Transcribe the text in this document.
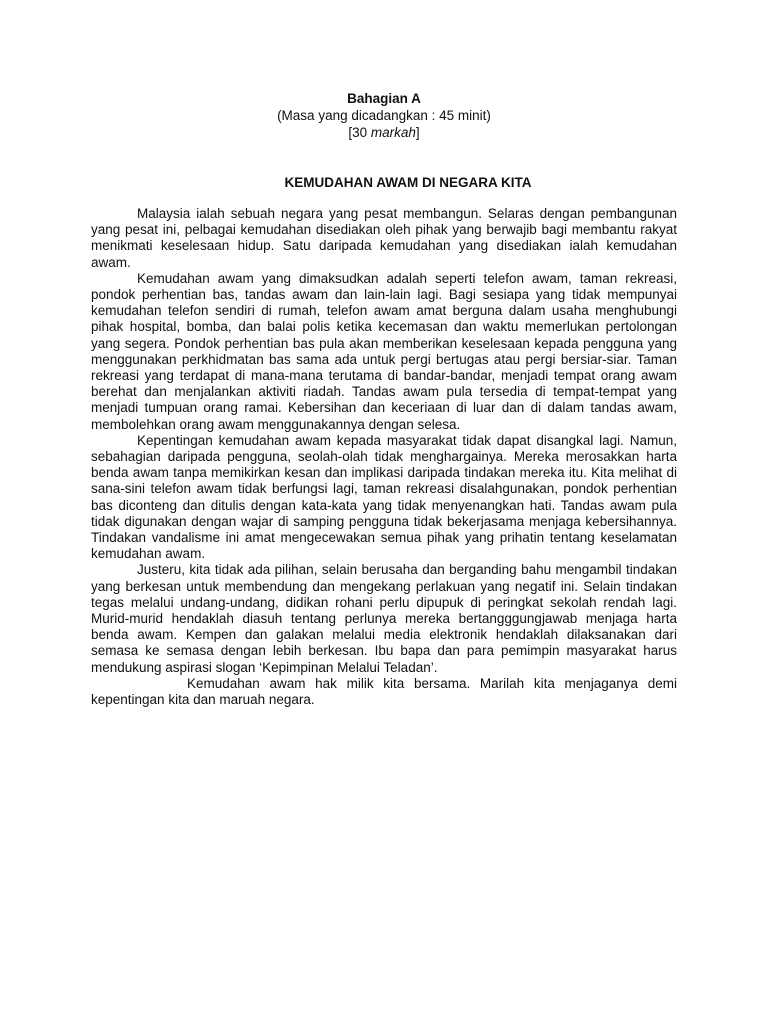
Bahagian A
(Masa yang dicadangkan : 45 minit)
[30 markah]
KEMUDAHAN AWAM DI NEGARA KITA

Malaysia ialah sebuah negara yang pesat membangun. Selaras dengan pembangunan yang pesat ini, pelbagai kemudahan disediakan oleh pihak yang berwajib bagi membantu rakyat menikmati keselesaan hidup. Satu daripada kemudahan yang disediakan ialah kemudahan awam.

Kemudahan awam yang dimaksudkan adalah seperti telefon awam, taman rekreasi, pondok perhentian bas, tandas awam dan lain-lain lagi. Bagi sesiapa yang tidak mempunyai kemudahan telefon sendiri di rumah, telefon awam amat berguna dalam usaha menghubungi pihak hospital, bomba, dan balai polis ketika kecemasan dan waktu memerlukan pertolongan yang segera. Pondok perhentian bas pula akan memberikan keselesaan kepada pengguna yang menggunakan perkhidmatan bas sama ada untuk pergi bertugas atau pergi bersiar-siar. Taman rekreasi yang terdapat di mana-mana terutama di bandar-bandar, menjadi tempat orang awam berehat dan menjalankan aktiviti riadah. Tandas awam pula tersedia di tempat-tempat yang menjadi tumpuan orang ramai. Kebersihan dan keceriaan di luar dan di dalam tandas awam, membolehkan orang awam menggunakannya dengan selesa.

Kepentingan kemudahan awam kepada masyarakat tidak dapat disangkal lagi. Namun, sebahagian daripada pengguna, seolah-olah tidak menghargainya. Mereka merosakkan harta benda awam tanpa memikirkan kesan dan implikasi daripada tindakan mereka itu. Kita melihat di sana-sini telefon awam tidak berfungsi lagi, taman rekreasi disalahgunakan, pondok perhentian bas diconteng dan ditulis dengan kata-kata yang tidak menyenangkan hati. Tandas awam pula tidak digunakan dengan wajar di samping pengguna tidak bekerjasama menjaga kebersihannya. Tindakan vandalisme ini amat mengecewakan semua pihak yang prihatin tentang keselamatan kemudahan awam.

Justeru, kita tidak ada pilihan, selain berusaha dan berganding bahu mengambil tindakan yang berkesan untuk membendung dan mengekang perlakuan yang negatif ini. Selain tindakan tegas melalui undang-undang, didikan rohani perlu dipupuk di peringkat sekolah rendah lagi. Murid-murid hendaklah diasuh tentang perlunya mereka bertangggungjawab menjaga harta benda awam. Kempen dan galakan melalui media elektronik hendaklah dilaksanakan dari semasa ke semasa dengan lebih berkesan. Ibu bapa dan para pemimpin masyarakat harus mendukung aspirasi slogan ‘Kepimpinan Melalui Teladan’.

Kemudahan awam hak milik kita bersama. Marilah kita menjaganya demi kepentingan kita dan maruah negara.
